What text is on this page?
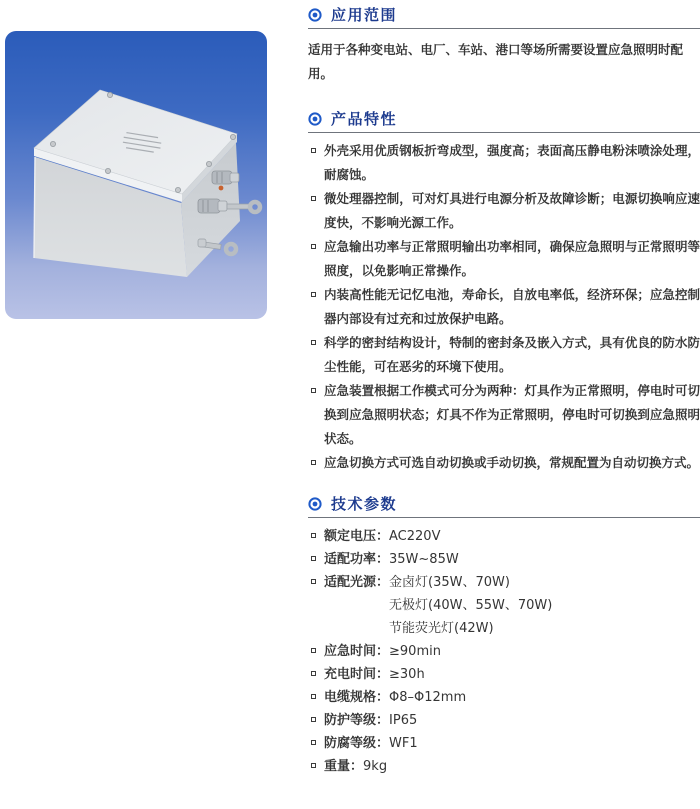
应用范围

适用于各种变电站、电厂、车站、港口等场所需要设置应急照明时配用。

产品特性
外壳采用优质钢板折弯成型，强度高；表面高压静电粉沫喷涂处理，耐腐蚀。
微处理器控制，可对灯具进行电源分析及故障诊断；电源切换响应速度快，不影响光源工作。
应急输出功率与正常照明输出功率相同，确保应急照明与正常照明等照度，以免影响正常操作。
内装高性能无记忆电池，寿命长，自放电率低，经济环保；应急控制器内部设有过充和过放保护电路。
科学的密封结构设计，特制的密封条及嵌入方式，具有优良的防水防尘性能，可在恶劣的环境下使用。
应急装置根据工作模式可分为两种：灯具作为正常照明，停电时可切换到应急照明状态；灯具不作为正常照明，停电时可切换到应急照明状态。
应急切换方式可选自动切换或手动切换，常规配置为自动切换方式。
技术参数
额定电压：AC220V
适配功率：35W~85W
适配光源：金卤灯(35W、70W)
无极灯(40W、55W、70W)
节能荧光灯(42W)
应急时间：≥90min
充电时间：≥30h
电缆规格：Φ8–Φ12mm
防护等级：IP65
防腐等级：WF1
重量：9kg
